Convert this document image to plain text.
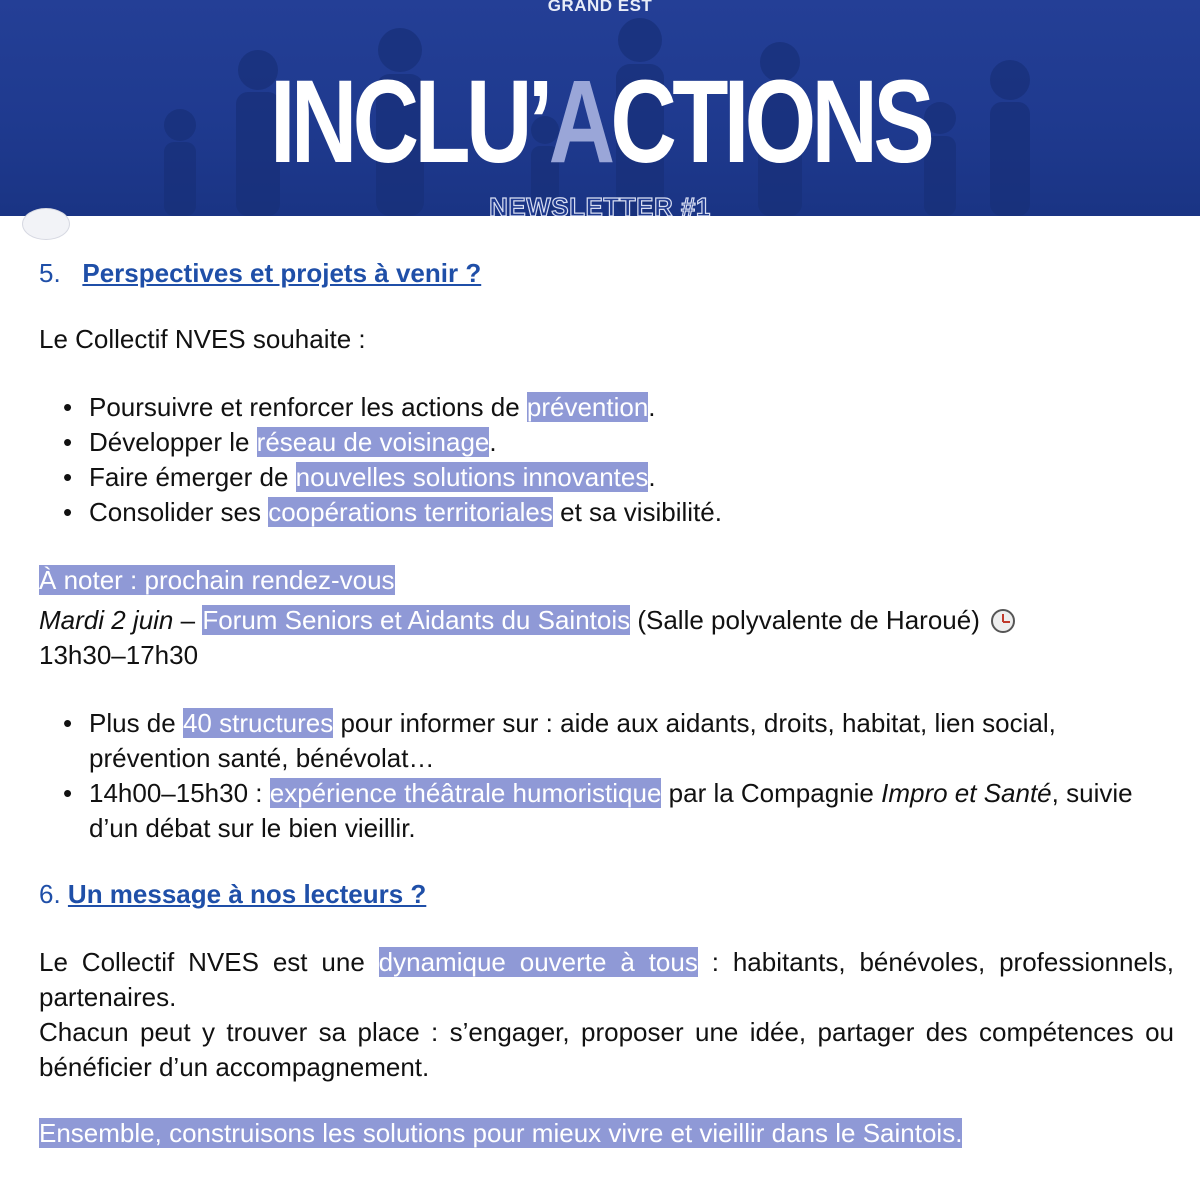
GRAND EST
INCLU’ACTIONS
NEWSLETTER #1

5. Perspectives et projets à venir ?

Le Collectif NVES souhaite :

• Poursuivre et renforcer les actions de prévention.
• Développer le réseau de voisinage.
• Faire émerger de nouvelles solutions innovantes.
• Consolider ses coopérations territoriales et sa visibilité.

À noter : prochain rendez-vous

Mardi 2 juin – Forum Seniors et Aidants du Saintois (Salle polyvalente de Haroué)
13h30–17h30

• Plus de 40 structures pour informer sur : aide aux aidants, droits, habitat, lien social, prévention santé, bénévolat…
• 14h00–15h30 : expérience théâtrale humoristique par la Compagnie Impro et Santé, suivie d’un débat sur le bien vieillir.

6. Un message à nos lecteurs ?

Le Collectif NVES est une dynamique ouverte à tous : habitants, bénévoles, professionnels, partenaires.

Chacun peut y trouver sa place : s’engager, proposer une idée, partager des compétences ou bénéficier d’un accompagnement.

Ensemble, construisons les solutions pour mieux vivre et vieillir dans le Saintois.
